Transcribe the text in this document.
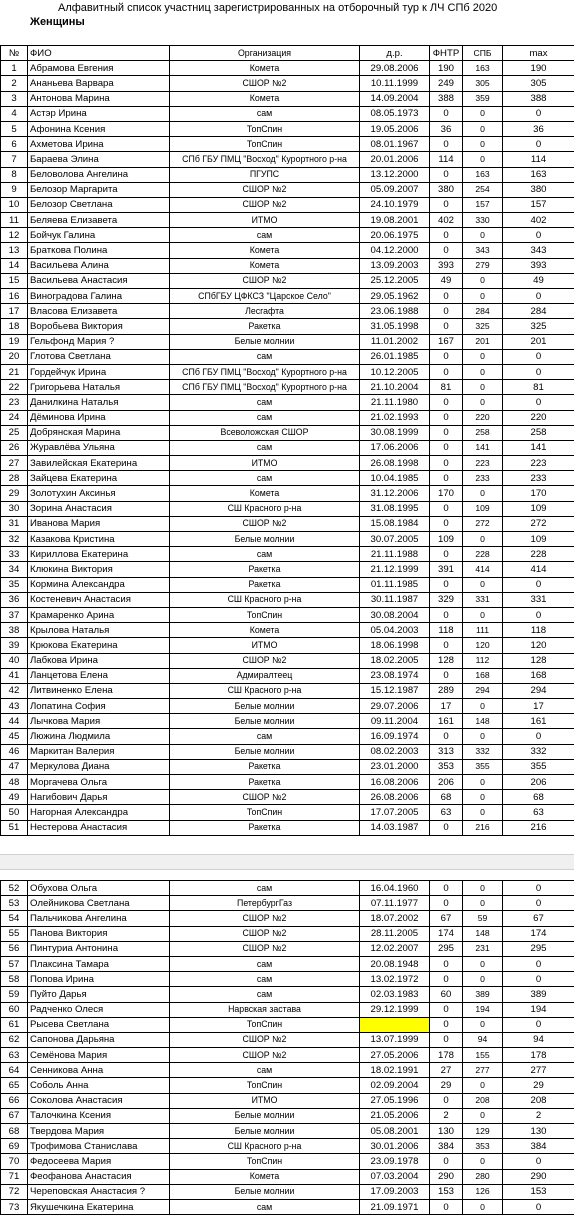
Алфавитный список участниц зарегистрированных на отборочный тур к ЛЧ СПб 2020
Женщины
№	ФИО	Организация	д.р.	ФНТР	СПБ	max
1	Абрамова Евгения	Комета	29.08.2006	190	163	190
2	Ананьева Варвара	СШОР №2	10.11.1999	249	305	305
3	Антонова Марина	Комета	14.09.2004	388	359	388
4	Астэр Ирина	сам	08.05.1973	0	0	0
5	Афонина Ксения	ТопСпин	19.05.2006	36	0	36
6	Ахметова Ирина	ТопСпин	08.01.1967	0	0	0
7	Бараева Элина	СПб ГБУ ПМЦ "Восход" Курортного р-на	20.01.2006	114	0	114
8	Беловолова Ангелина	ПГУПС	13.12.2000	0	163	163
9	Белозор Маргарита	СШОР №2	05.09.2007	380	254	380
10	Белозор Светлана	СШОР №2	24.10.1979	0	157	157
11	Беляева Елизавета	ИТМО	19.08.2001	402	330	402
12	Бойчук Галина	сам	20.06.1975	0	0	0
13	Браткова Полина	Комета	04.12.2000	0	343	343
14	Васильева Алина	Комета	13.09.2003	393	279	393
15	Васильева Анастасия	СШОР №2	25.12.2005	49	0	49
16	Виноградова Галина	СПбГБУ ЦФКСЗ "Царское Село"	29.05.1962	0	0	0
17	Власова Елизавета	Лесгафта	23.06.1988	0	284	284
18	Воробьева Виктория	Ракетка	31.05.1998	0	325	325
19	Гельфонд Мария ?	Белые молнии	11.01.2002	167	201	201
20	Глотова Светлана	сам	26.01.1985	0	0	0
21	Гордейчук Ирина	СПб ГБУ ПМЦ "Восход" Курортного р-на	10.12.2005	0	0	0
22	Григорьева Наталья	СПб ГБУ ПМЦ "Восход" Курортного р-на	21.10.2004	81	0	81
23	Данилкина Наталья	сам	21.11.1980	0	0	0
24	Дёминова Ирина	сам	21.02.1993	0	220	220
25	Добрянская Марина	Всеволожская СШОР	30.08.1999	0	258	258
26	Журавлёва Ульяна	сам	17.06.2006	0	141	141
27	Завилейская Екатерина	ИТМО	26.08.1998	0	223	223
28	Зайцева Екатерина	сам	10.04.1985	0	233	233
29	Золотухин Аксинья	Комета	31.12.2006	170	0	170
30	Зорина Анастасия	СШ Красного р-на	31.08.1995	0	109	109
31	Иванова Мария	СШОР №2	15.08.1984	0	272	272
32	Казакова Кристина	Белые молнии	30.07.2005	109	0	109
33	Кириллова Екатерина	сам	21.11.1988	0	228	228
34	Клюкина Виктория	Ракетка	21.12.1999	391	414	414
35	Кормина Александра	Ракетка	01.11.1985	0	0	0
36	Костеневич Анастасия	СШ Красного р-на	30.11.1987	329	331	331
37	Крамаренко Арина	ТопСпин	30.08.2004	0	0	0
38	Крылова Наталья	Комета	05.04.2003	118	111	118
39	Крюкова Екатерина	ИТМО	18.06.1998	0	120	120
40	Лабкова Ирина	СШОР №2	18.02.2005	128	112	128
41	Ланцетова Елена	Адмиралтеец	23.08.1974	0	168	168
42	Литвиненко Елена	СШ Красного р-на	15.12.1987	289	294	294
43	Лопатина София	Белые молнии	29.07.2006	17	0	17
44	Лычкова Мария	Белые молнии	09.11.2004	161	148	161
45	Люжина Людмила	сам	16.09.1974	0	0	0
46	Маркитан Валерия	Белые молнии	08.02.2003	313	332	332
47	Меркулова Диана	Ракетка	23.01.2000	353	355	355
48	Моргачева Ольга	Ракетка	16.08.2006	206	0	206
49	Нагибович Дарья	СШОР №2	26.08.2006	68	0	68
50	Нагорная Александра	ТопСпин	17.07.2005	63	0	63
51	Нестерова Анастасия	Ракетка	14.03.1987	0	216	216
52	Обухова Ольга	сам	16.04.1960	0	0	0
53	Олейникова Светлана	ПетербургГаз	07.11.1977	0	0	0
54	Пальчикова Ангелина	СШОР №2	18.07.2002	67	59	67
55	Панова Виктория	СШОР №2	28.11.2005	174	148	174
56	Пинтуриа Антонина	СШОР №2	12.02.2007	295	231	295
57	Плаксина Тамара	сам	20.08.1948	0	0	0
58	Попова Ирина	сам	13.02.1972	0	0	0
59	Пуйто Дарья	сам	02.03.1983	60	389	389
60	Радченко Олеся	Нарвская застава	29.12.1999	0	194	194
61	Рысева Светлана	ТопСпин		0	0	0
62	Сапонова Дарьяна	СШОР №2	13.07.1999	0	94	94
63	Семёнова Мария	СШОР №2	27.05.2006	178	155	178
64	Сенникова Анна	сам	18.02.1991	27	277	277
65	Соболь Анна	ТопСпин	02.09.2004	29	0	29
66	Соколова Анастасия	ИТМО	27.05.1996	0	208	208
67	Талочкина Ксения	Белые молнии	21.05.2006	2	0	2
68	Твердова Мария	Белые молнии	05.08.2001	130	129	130
69	Трофимова Станислава	СШ Красного р-на	30.01.2006	384	353	384
70	Федосеева Мария	ТопСпин	23.09.1978	0	0	0
71	Феофанова Анастасия	Комета	07.03.2004	290	280	290
72	Череповская Анастасия ?	Белые молнии	17.09.2003	153	126	153
73	Якушечкина Екатерина	сам	21.09.1971	0	0	0
